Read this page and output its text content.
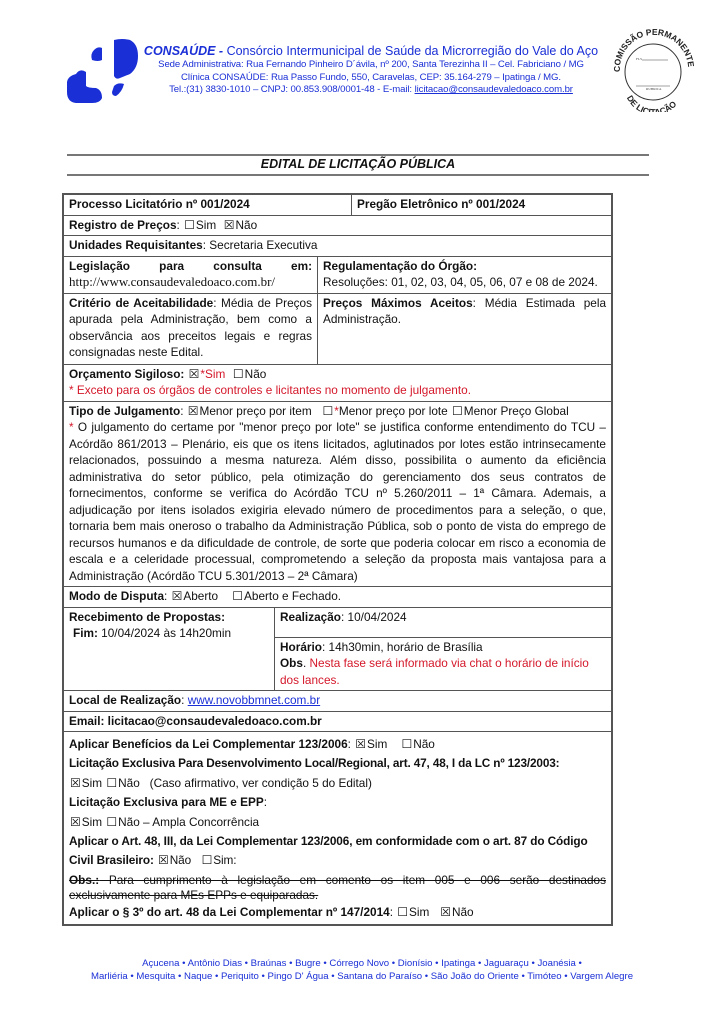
CONSAÚDE - Consórcio Intermunicipal de Saúde da Microrregião do Vale do Aço
Sede Administrativa: Rua Fernando Pinheiro D´ávila, nº 200, Santa Terezinha II – Cel. Fabriciano / MG
Clínica CONSAÚDE: Rua Passo Fundo, 550, Caravelas, CEP: 35.164-279 – Ipatinga / MG.
Tel.:(31) 3830-1010 – CNPJ: 00.853.908/0001-48 - E-mail: licitacao@consaudevaledoaco.com.br
COMISSÃO PERMANENTE
DE LICITAÇÃO
FLS
RUBRICA
EDITAL DE LICITAÇÃO PÚBLICA
Processo Licitatório nº 001/2024	Pregão Eletrônico nº 001/2024
Registro de Preços: ☐Sim ☒Não
Unidades Requisitantes: Secretaria Executiva
Legislação para consulta em:
http://www.consaudevaledoaco.com.br/
Regulamentação do Órgão:
Resoluções: 01, 02, 03, 04, 05, 06, 07 e 08 de 2024.
Critério de Aceitabilidade: Média de Preços apurada pela Administração, bem como a observância aos preceitos legais e regras consignadas neste Edital.
Preços Máximos Aceitos: Média Estimada pela Administração.
Orçamento Sigiloso: ☒*Sim ☐Não
* Exceto para os órgãos de controles e licitantes no momento de julgamento.
Tipo de Julgamento: ☒Menor preço por item ☐*Menor preço por lote ☐Menor Preço Global
* O julgamento do certame por "menor preço por lote" se justifica conforme entendimento do TCU – Acórdão 861/2013 – Plenário, eis que os itens licitados, aglutinados por lotes estão intrinsecamente relacionados, possuindo a mesma natureza. Além disso, possibilita o aumento da eficiência administrativa do setor público, pela otimização do gerenciamento dos seus contratos de fornecimentos, conforme se verifica do Acórdão TCU nº 5.260/2011 – 1ª Câmara. Ademais, a adjudicação por itens isolados exigiria elevado número de procedimentos para a seleção, o que, tornaria bem mais oneroso o trabalho da Administração Pública, sob o ponto de vista do emprego de recursos humanos e da dificuldade de controle, de sorte que poderia colocar em risco a economia de escala e a celeridade processual, comprometendo a seleção da proposta mais vantajosa para a Administração (Acórdão TCU 5.301/2013 – 2ª Câmara)
Modo de Disputa: ☒Aberto ☐Aberto e Fechado.
Recebimento de Propostas:
Fim: 10/04/2024 às 14h20min
Realização: 10/04/2024
Horário: 14h30min, horário de Brasília
Obs. Nesta fase será informado via chat o horário de início dos lances.
Local de Realização: www.novobbmnet.com.br
Email: licitacao@consaudevaledoaco.com.br
Aplicar Benefícios da Lei Complementar 123/2006: ☒Sim ☐Não
Licitação Exclusiva Para Desenvolvimento Local/Regional, art. 47, 48, I da LC nº 123/2003:
☒Sim ☐Não (Caso afirmativo, ver condição 5 do Edital)
Licitação Exclusiva para ME e EPP:
☒Sim ☐Não – Ampla Concorrência
Aplicar o Art. 48, III, da Lei Complementar 123/2006, em conformidade com o art. 87 do Código Civil Brasileiro: ☒Não ☐Sim:
Obs.: Para cumprimento à legislação em comento os item 005 e 006 serão destinados exclusivamente para MEs EPPs e equiparadas.
Aplicar o § 3º do art. 48 da Lei Complementar nº 147/2014: ☐Sim ☒Não
Açucena • Antônio Dias • Braúnas • Bugre • Córrego Novo • Dionísio • Ipatinga • Jaguaraçu • Joanésia •
Marliéria • Mesquita • Naque • Periquito • Pingo D' Água • Santana do Paraíso • São João do Oriente • Timóteo • Vargem Alegre
